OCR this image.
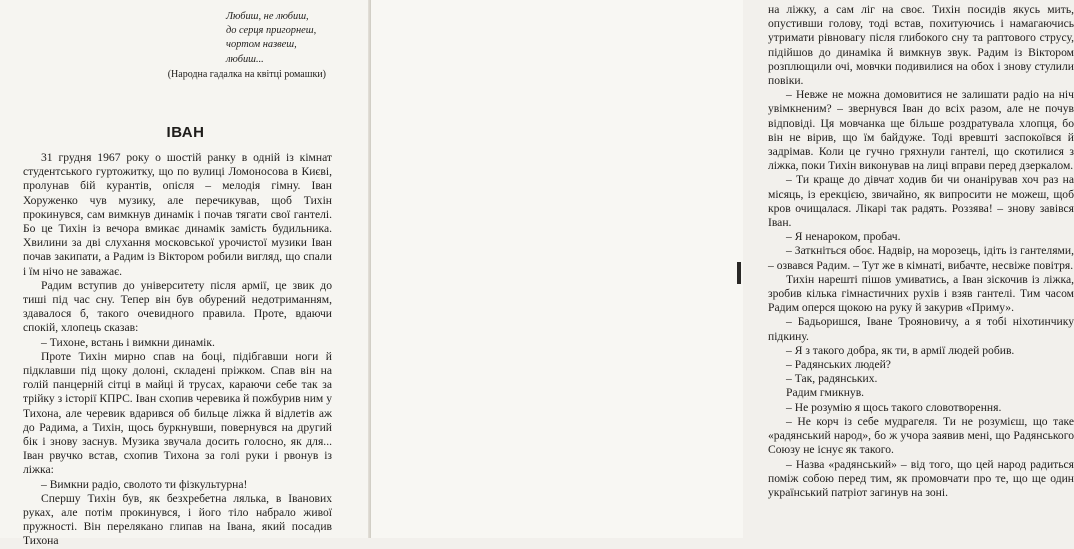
Любиш, не любиш,
до серця пригорнеш,
чортом назвеш,
любиш...
(Народна гадалка на квітці ромашки)
ІВАН

31 грудня 1967 року о шостій ранку в одній із кімнат студентського гуртожитку, що по вулиці Ломоносова в Києві, пролунав бій курантів, опісля – мелодія гімну. Іван Хоруженко чув музику, але перечикував, щоб Тихін прокинувся, сам вимкнув динамік і почав тягати свої гантелі. Бо це Тихін із вечора вмикає динамік замість будильника. Хвилини за дві слухання московської урочистої музики Іван почав закипати, а Радим із Віктором робили вигляд, що спали і їм нічо не заважає.

Радим вступив до університету після армії, це звик до тиші під час сну. Тепер він був обурений недотриманням, здавалося б, такого очевидного правила. Проте, вдаючи спокій, хлопець сказав:

– Тихоне, встань і вимкни динамік.

Проте Тихін мирно спав на боці, підібгавши ноги й підклавши під щоку долоні, складені пріжком. Спав він на голій панцерній сітці в майці й трусах, караючи себе так за трійку з історії КПРС. Іван схопив черевика й пожбурив ним у Тихона, але черевик вдарився об бильце ліжка й відлетів аж до Радима, а Тихін, щось буркнувши, повернувся на другий бік і знову заснув. Музика звучала досить голосно, як для... Іван рвучко встав, схопив Тихона за голі руки і рвонув із ліжка:

– Вимкни радіо, сволото ти фізкультурна!

Спершу Тихін був, як безхребетна лялька, в Іванових руках, але потім прокинувся, і його тіло набрало живої пружності. Він переляканo глипав на Івана, який посадив Тихона

на ліжку, а сам ліг на своє. Тихін посидів якусь мить, опустивши голову, тоді встав, похитуючись і намагаючись утримати рівновагу після глибокого сну та раптового струсу, підійшов до динаміка й вимкнув звук. Радим із Віктором розплющили очі, мовчки подивилися на обох і знову стулили повіки.

– Невже не можна домовитися не залишати радіо на ніч увімкненим? – звернувся Іван до всіх разом, але не почув відповіді. Ця мовчанка ще більше роздратувала хлопця, бо він не вірив, що їм байдуже. Тоді вревшті заспокоївся й задрімав. Коли це гучно гряхнули гантелі, що скотилися з ліжка, поки Тихін виконував на лиці вправи перед дзеркалом.

– Ти краще до дівчат ходив би чи онанірував хоч раз на місяць, із ерекцією, звичайно, як випросити не можеш, щоб кров очищалася. Лікарі так радять. Роззява! – знову завівся Іван.

– Я ненароком, пробач.

– Заткніться обоє. Надвір, на морозець, ідіть із гантелями, – озвався Радим. – Тут же в кімнаті, вибачте, несвіже повітря.

Тихін нарешті пішов умиватись, а Іван зіскочив із ліжка, зробив кілька гімнастичних рухів і взяв гантелі. Тим часом Радим оперся щокою на руку й закурив «Приму».

– Бадьоришся, Іване Трояновичу, а я тобі ніхотинчику підкину.

– Я з такого добра, як ти, в армії людей робив.

– Радянських людей?

– Так, радянських.

Радим гмикнув.

– Не розумію я щось такого словотворення.

– Не корч із себе мудрагеля. Ти не розумієш, що таке «радянський народ», бо ж учора заявив мені, що Радянського Союзу не існує як такого.

– Назва «радянський» – від того, що цей народ радиться поміж собою перед тим, як промовчати про те, що ще один український патріот загинув на зоні.
